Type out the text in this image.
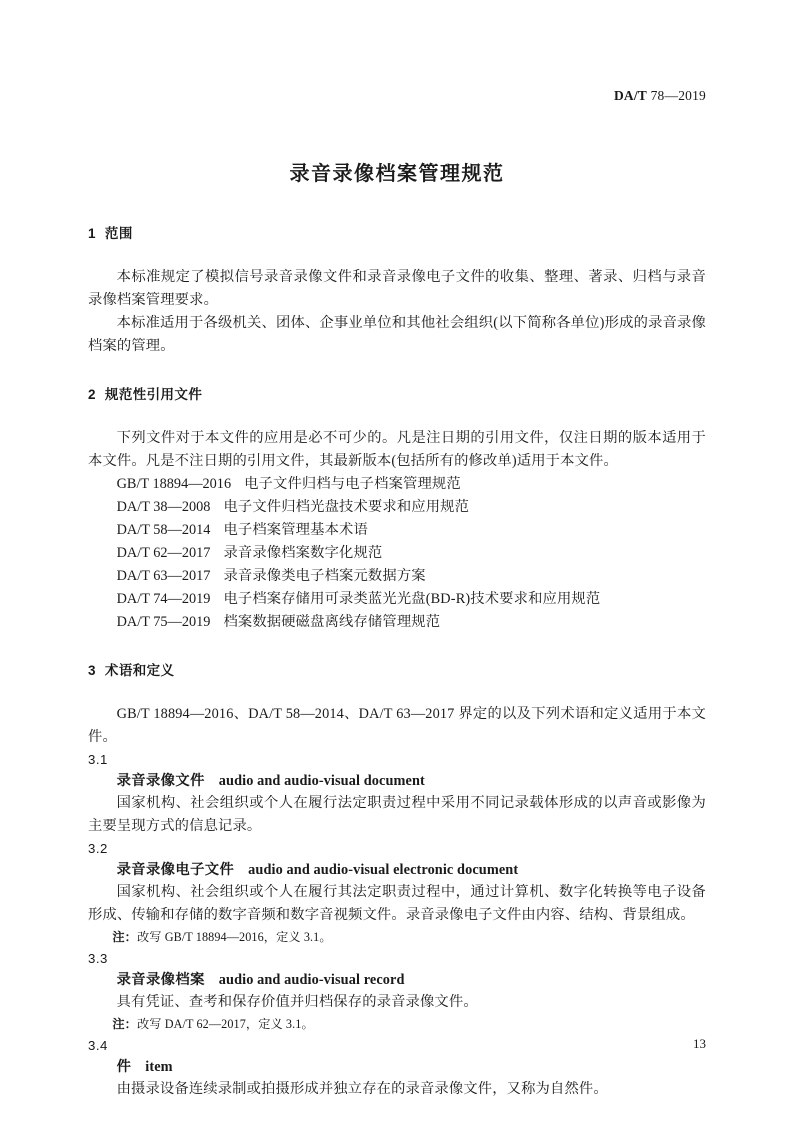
DA/T 78—2019
录音录像档案管理规范
1 范围

本标准规定了模拟信号录音录像文件和录音录像电子文件的收集、整理、著录、归档与录音录像档案管理要求。

本标准适用于各级机关、团体、企事业单位和其他社会组织(以下简称各单位)形成的录音录像档案的管理。

2 规范性引用文件

下列文件对于本文件的应用是必不可少的。凡是注日期的引用文件，仅注日期的版本适用于本文件。凡是不注日期的引用文件，其最新版本(包括所有的修改单)适用于本文件。

GB/T 18894—2016 电子文件归档与电子档案管理规范
DA/T 38—2008 电子文件归档光盘技术要求和应用规范
DA/T 58—2014 电子档案管理基本术语
DA/T 62—2017 录音录像档案数字化规范
DA/T 63—2017 录音录像类电子档案元数据方案
DA/T 74—2019 电子档案存储用可录类蓝光光盘(BD-R)技术要求和应用规范
DA/T 75—2019 档案数据硬磁盘离线存储管理规范
3 术语和定义

GB/T 18894—2016、DA/T 58—2014、DA/T 63—2017 界定的以及下列术语和定义适用于本文件。

3.1

录音录像文件 audio and audio-visual document

国家机构、社会组织或个人在履行法定职责过程中采用不同记录载体形成的以声音或影像为主要呈现方式的信息记录。

3.2

录音录像电子文件 audio and audio-visual electronic document

国家机构、社会组织或个人在履行其法定职责过程中，通过计算机、数字化转换等电子设备形成、传输和存储的数字音频和数字音视频文件。录音录像电子文件由内容、结构、背景组成。

注：改写 GB/T 18894—2016，定义 3.1。

3.3

录音录像档案 audio and audio-visual record

具有凭证、查考和保存价值并归档保存的录音录像文件。

注：改写 DA/T 62—2017，定义 3.1。

3.4

件 item

由摄录设备连续录制或拍摄形成并独立存在的录音录像文件，又称为自然件。

13
